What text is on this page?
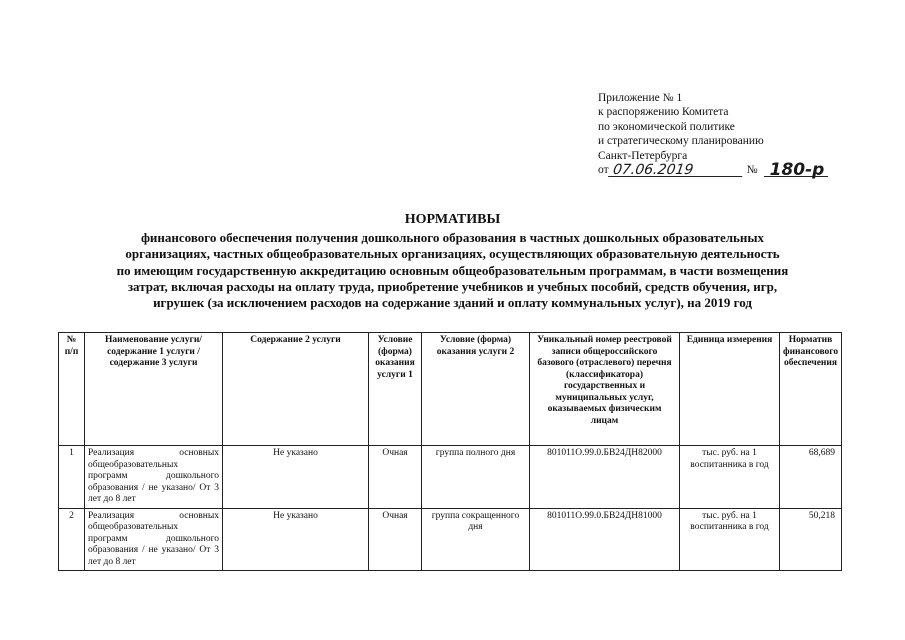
Приложение № 1
к распоряжению Комитета
по экономической политике
и стратегическому планированию
Санкт-Петербурга
от 07.06.2019	№ 180-р
НОРМАТИВЫ
финансового обеспечения получения дошкольного образования в частных дошкольных образовательных
организациях, частных общеобразовательных организациях, осуществляющих образовательную деятельность
по имеющим государственную аккредитацию основным общеобразовательным программам, в части возмещения
затрат, включая расходы на оплату труда, приобретение учебников и учебных пособий, средств обучения, игр,
игрушек (за исключением расходов на содержание зданий и оплату коммунальных услуг), на 2019 год
№ п/п	Наименование услуги/ содержание 1 услуги / содержание 3 услуги	Содержание 2 услуги	Условие (форма) оказания услуги 1	Условие (форма) оказания услуги 2	Уникальный номер реестровой записи общероссийского базового (отраслевого) перечня (классификатора) государственных и муниципальных услуг, оказываемых физическим лицам	Единица измерения	Норматив финансового обеспечения
1	Реализация основных общеобразовательных программ дошкольного образования / не указано/ От 3 лет до 8 лет	Не указано	Очная	группа полного дня	801011О.99.0.БВ24ДН82000	тыс. руб. на 1 воспитанника в год	68,689
2	Реализация основных общеобразовательных программ дошкольного образования / не указано/ От 3 лет до 8 лет	Не указано	Очная	группа сокращенного дня	801011О.99.0.БВ24ДН81000	тыс. руб. на 1 воспитанника в год	50,218
